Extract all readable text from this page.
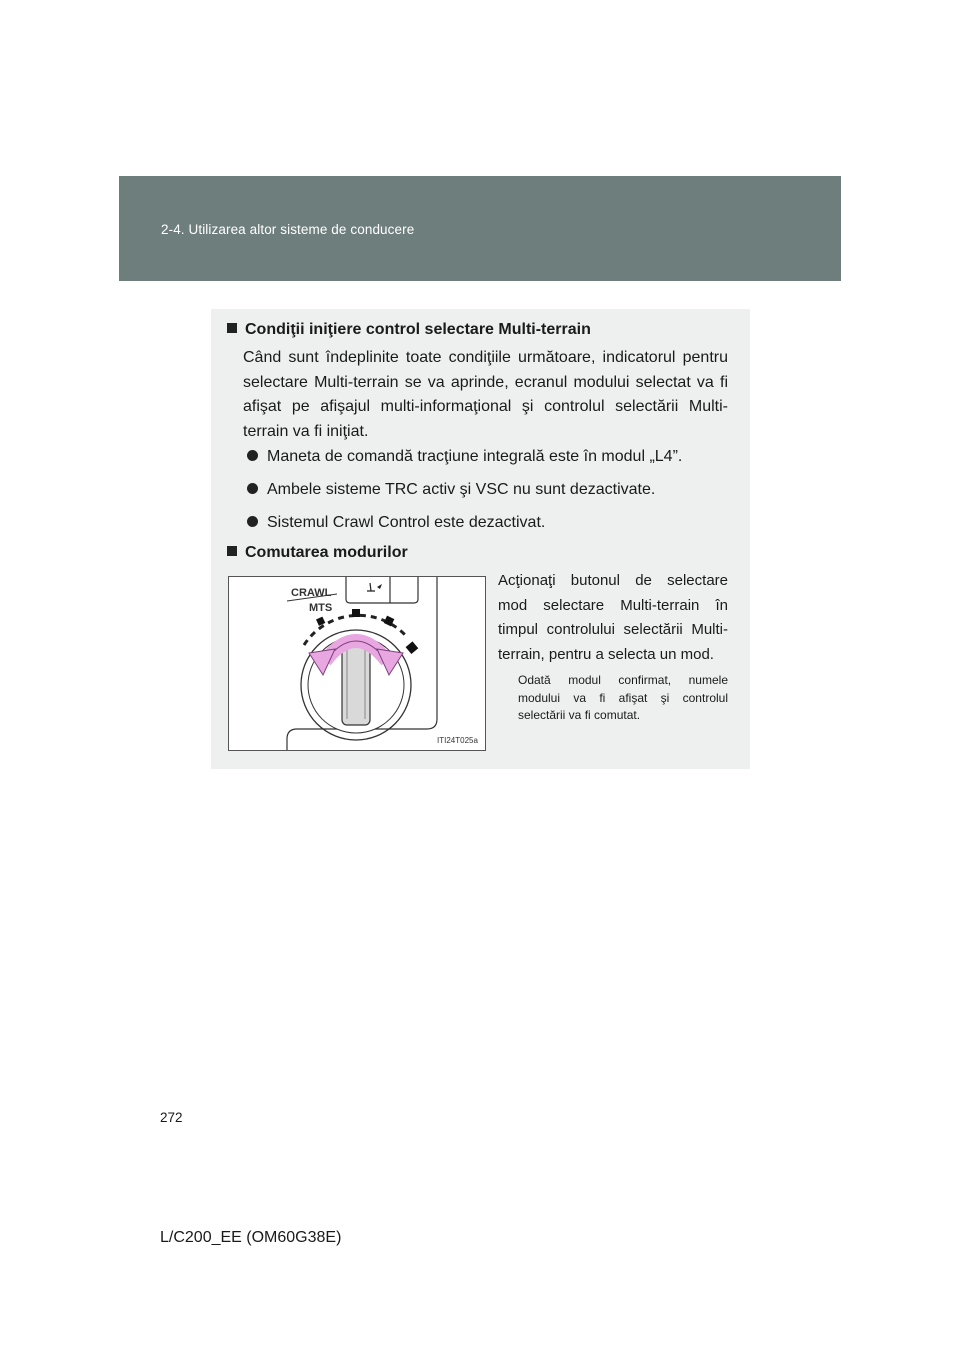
2-4. Utilizarea altor sisteme de conducere
Condiţii iniţiere control selectare Multi-terrain
Când sunt îndeplinite toate condiţiile următoare, indicatorul pentru selectare Multi-terrain se va aprinde, ecranul modului selectat va fi afişat pe afişajul multi-informaţional şi controlul selectării Multi-terrain va fi iniţiat.
Maneta de comandă tracţiune integrală este în modul „L4”.
Ambele sisteme TRC activ şi VSC nu sunt dezactivate.
Sistemul Crawl Control este dezactivat.
Comutarea modurilor
CRAWL
MTS
ITI24T025a
Acţionaţi butonul de selectare mod selectare Multi-terrain în timpul controlului selectării Multi-terrain, pentru a selecta un mod.
Odată modul confirmat, numele modului va fi afişat şi controlul selectării va fi comutat.
272
L/C200_EE (OM60G38E)
